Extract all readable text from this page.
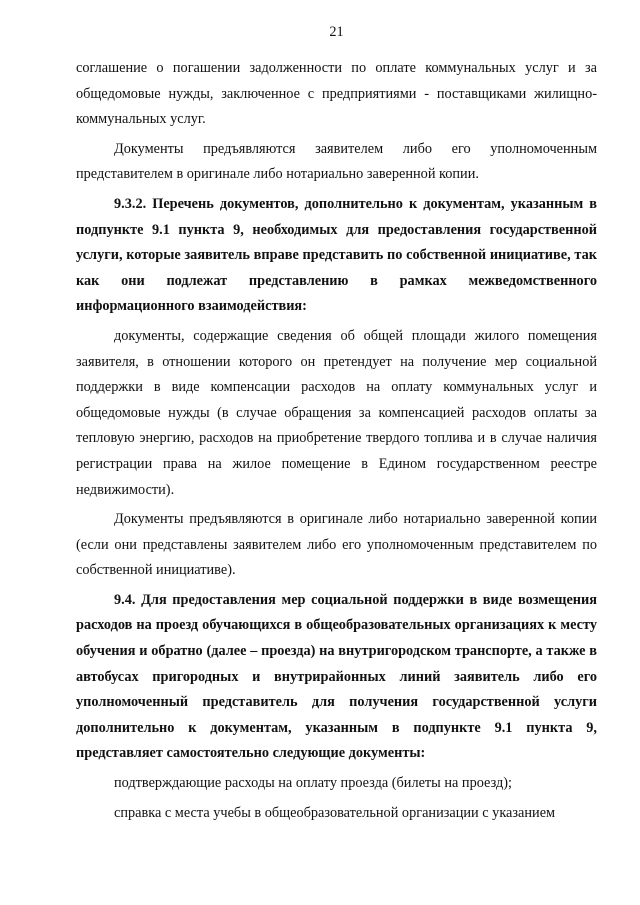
21

соглашение о погашении задолженности по оплате коммунальных услуг и за общедомовые нужды, заключенное с предприятиями - поставщиками жилищно-коммунальных услуг.

Документы предъявляются заявителем либо его уполномоченным представителем в оригинале либо нотариально заверенной копии.

9.3.2. Перечень документов, дополнительно к документам, указанным в подпункте 9.1 пункта 9, необходимых для предоставления государственной услуги, которые заявитель вправе представить по собственной инициативе, так как они подлежат представлению в рамках межведомственного информационного взаимодействия:

документы, содержащие сведения об общей площади жилого помещения заявителя, в отношении которого он претендует на получение мер социальной поддержки в виде компенсации расходов на оплату коммунальных услуг и общедомовые нужды (в случае обращения за компенсацией расходов оплаты за тепловую энергию, расходов на приобретение твердого топлива и в случае наличия регистрации права на жилое помещение в Едином государственном реестре недвижимости).

Документы предъявляются в оригинале либо нотариально заверенной копии (если они представлены заявителем либо его уполномоченным представителем по собственной инициативе).

9.4. Для предоставления мер социальной поддержки в виде возмещения расходов на проезд обучающихся в общеобразовательных организациях к месту обучения и обратно (далее – проезда) на внутригородском транспорте, а также в автобусах пригородных и внутрирайонных линий заявитель либо его уполномоченный представитель для получения государственной услуги дополнительно к документам, указанным в подпункте 9.1 пункта 9, представляет самостоятельно следующие документы:

подтверждающие расходы на оплату проезда (билеты на проезд);

справка с места учебы в общеобразовательной организации с указанием
